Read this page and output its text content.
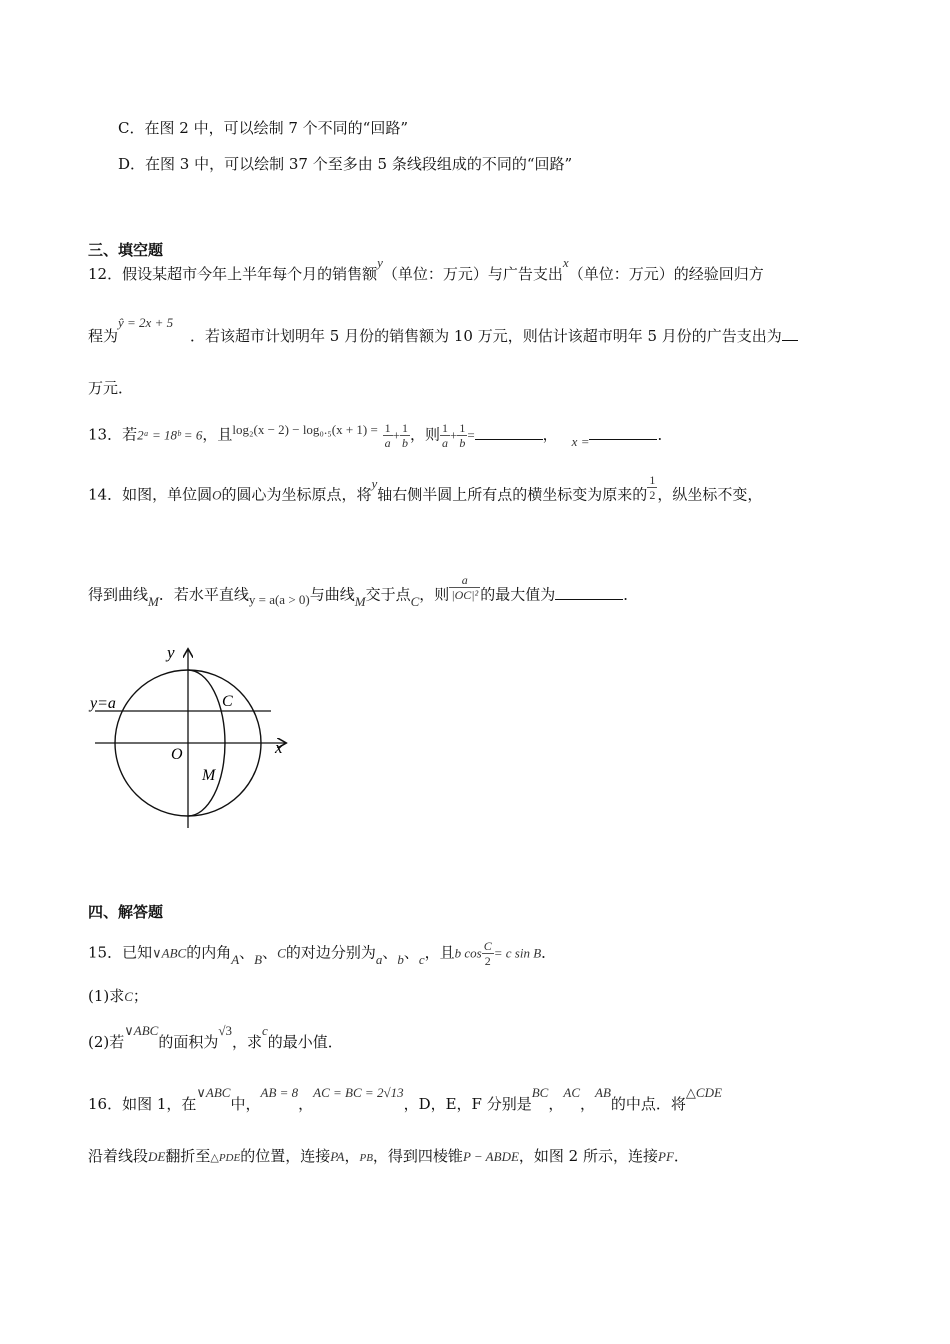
C．在图 2 中，可以绘制 7 个不同的“回路”
D．在图 3 中，可以绘制 37 个至多由 5 条线段组成的不同的“回路”
三、填空题
12．假设某超市今年上半年每个月的销售额y（单位：万元）与广告支出x（单位：万元）的经验回归方
程为ŷ = 2x + 5．若该超市计划明年 5 月份的销售额为 10 万元，则估计该超市明年 5 月份的广告支出为
万元．
13．若2ᵃ = 18ᵇ = 6，且$\log_2(x - 2) - \log_0._5(x + 1) = \frac{1}{a} + \frac{1}{b}$ ，则 $\frac{1}{a} + \frac{1}{b}$ =	， x =	．
14．如图，单位圆O的圆心为坐标原点，将y轴右侧半圆上所有点的横坐标变为原来的 $\frac{1}{2}$ ，纵坐标不变，
得到曲线M．若水平直线y = a(a > 0)与曲线M交于点C，则 $\frac{a}{\text{|OC|²}}$ 的最大值为	．
y
x
y=a
O
C
M
四、解答题
15．已知∨ABC的内角A、B、C的对边分别为a、b、c，且b $\cos \frac{C}{2} = c$ sin B．
(1)求C；
(2)若∨ABC的面积为√3，求c的最小值．
16．如图 1，在∨ABC中，AB = 8，AC = BC = 2√13，D，E，F 分别是BC，AC，AB的中点．将△CDE
沿着线段DE翻折至△PDE的位置，连接PA，PB，得到四棱锥P − ABDE，如图 2 所示，连接PF．
